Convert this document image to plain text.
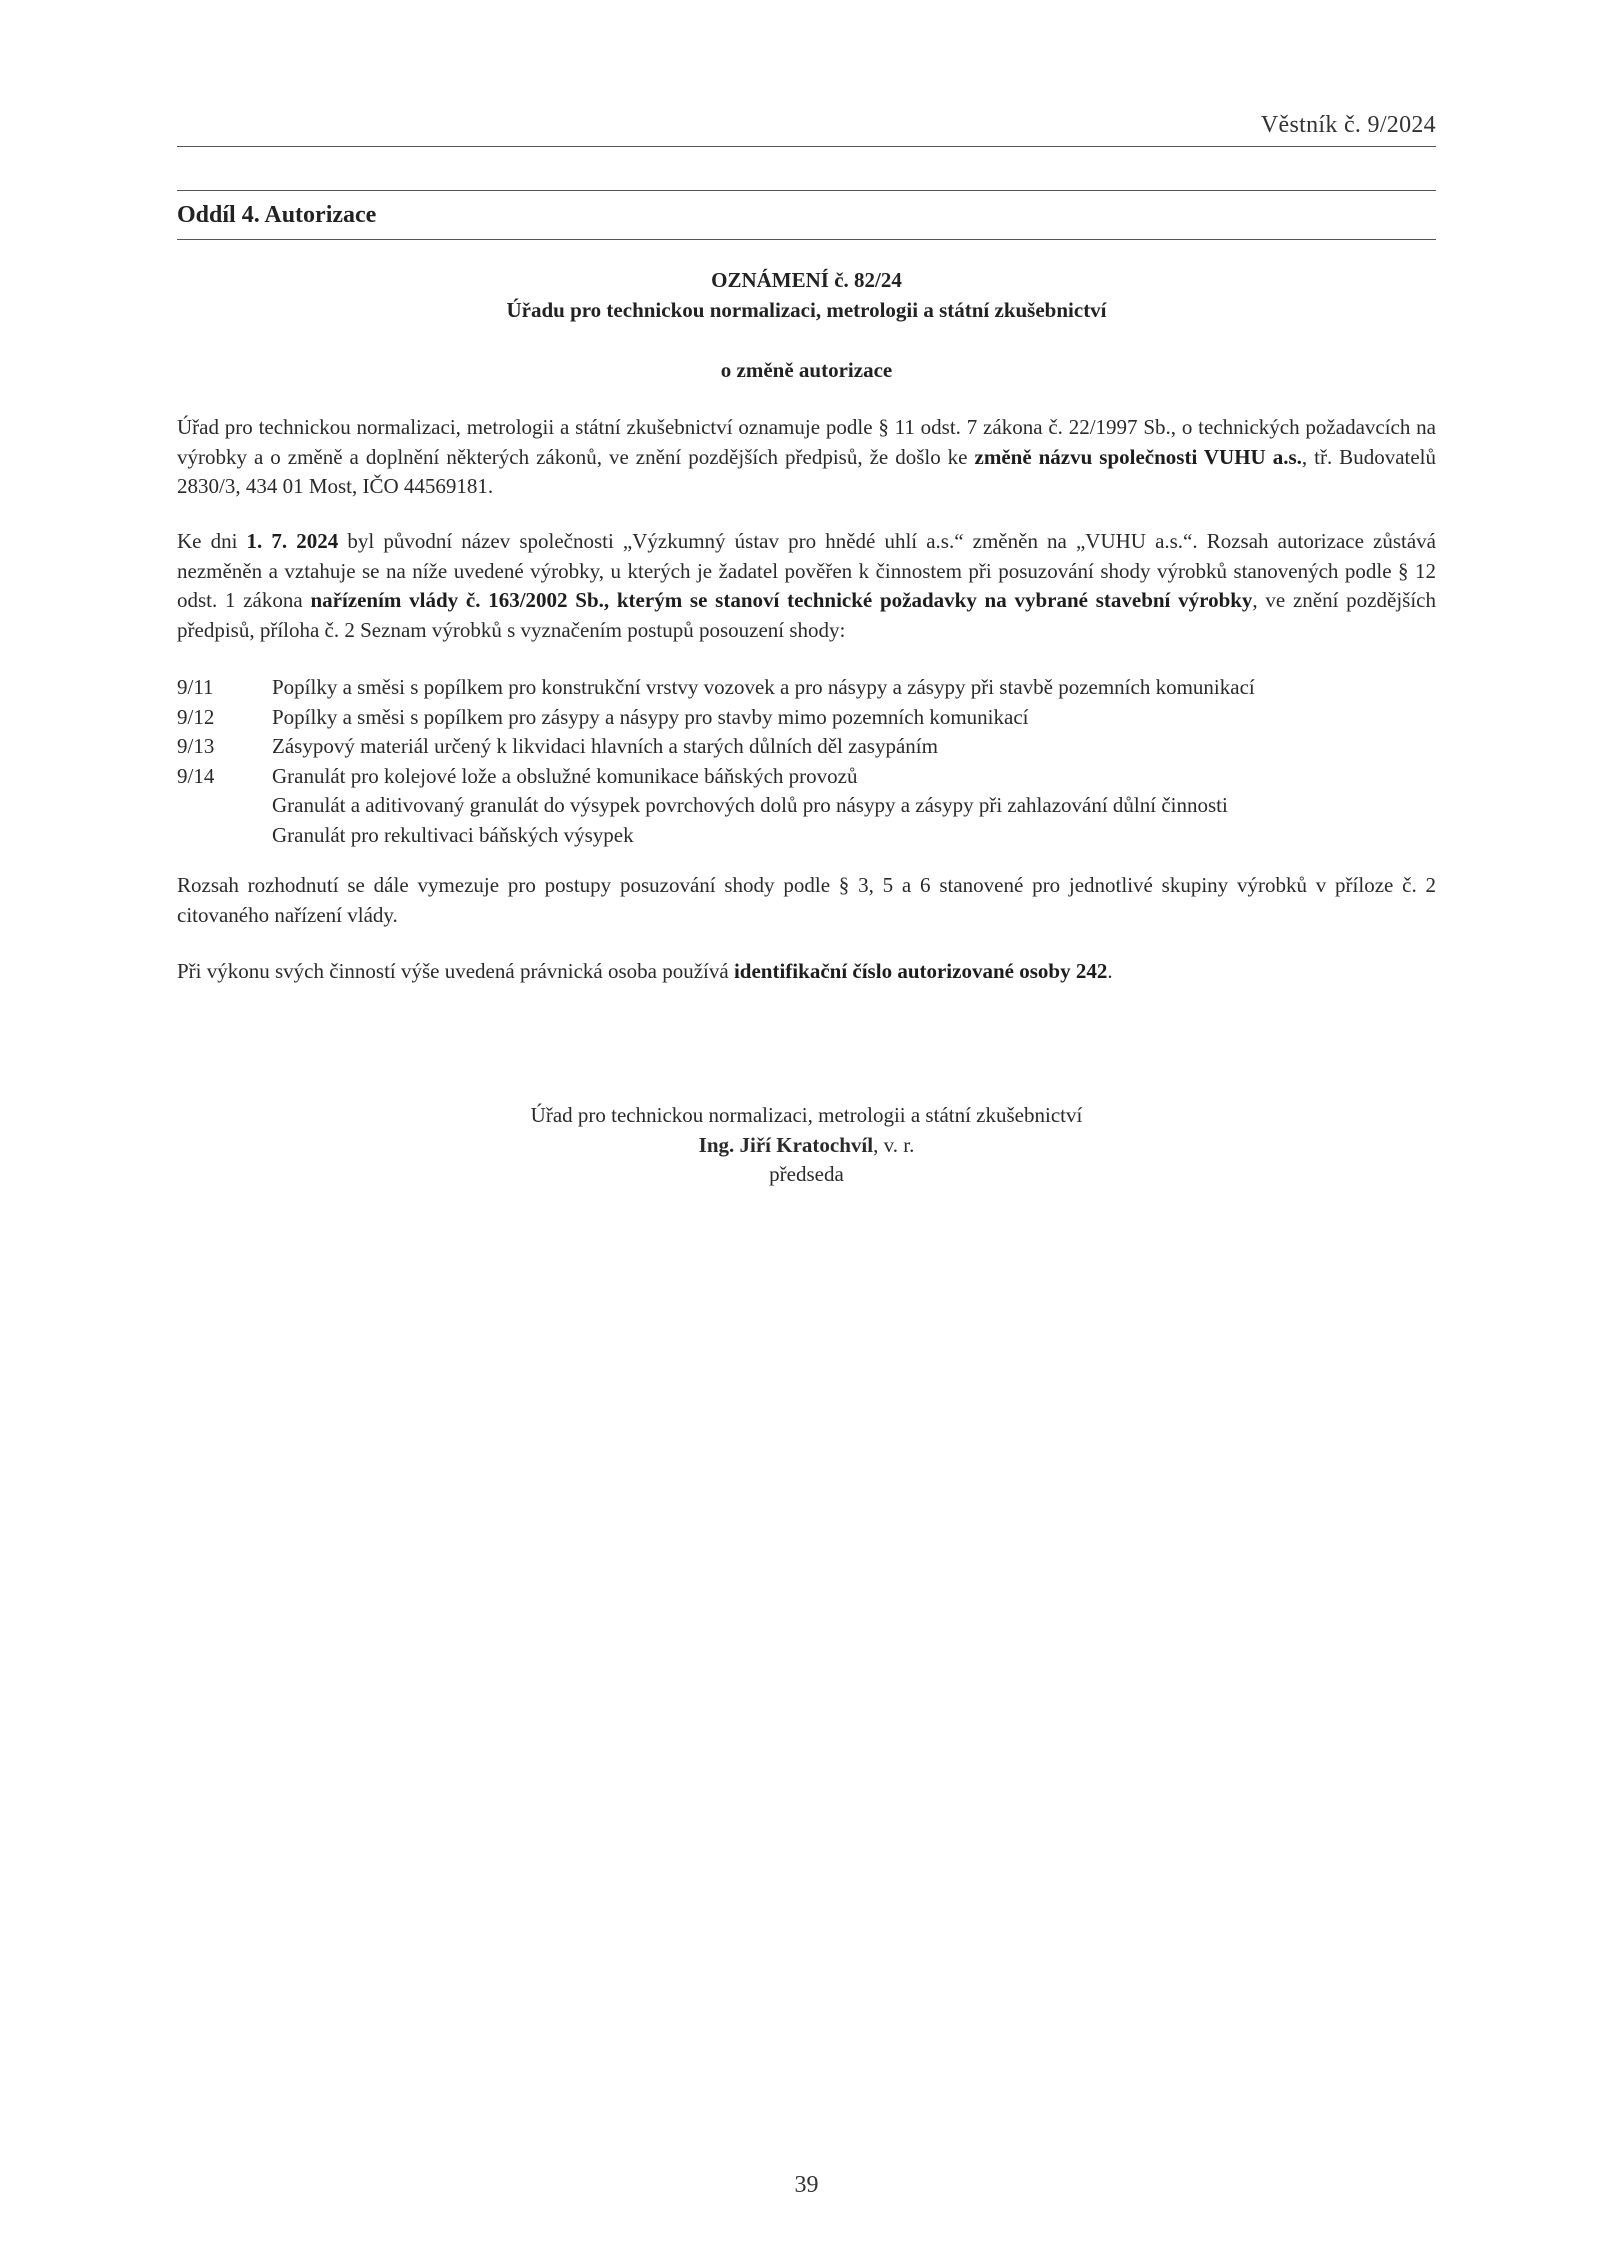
Věstník č. 9/2024
Oddíl 4. Autorizace
OZNÁMENÍ č. 82/24
Úřadu pro technickou normalizaci, metrologii a státní zkušebnictví
o změně autorizace
Úřad pro technickou normalizaci, metrologii a státní zkušebnictví oznamuje podle § 11 odst. 7 zákona č. 22/1997 Sb., o technických požadavcích na výrobky a o změně a doplnění některých zákonů, ve znění pozdějších předpisů, že došlo ke změně názvu společnosti VUHU a.s., tř. Budovatelů 2830/3, 434 01 Most, IČO 44569181.
Ke dni 1. 7. 2024 byl původní název společnosti „Výzkumný ústav pro hnědé uhlí a.s.“ změněn na „VUHU a.s.“. Rozsah autorizace zůstává nezměněn a vztahuje se na níže uvedené výrobky, u kterých je žadatel pověřen k činnostem při posuzování shody výrobků stanovených podle § 12 odst. 1 zákona nařízením vlády č. 163/2002 Sb., kterým se stanoví technické požadavky na vybrané stavební výrobky, ve znění pozdějších předpisů, příloha č. 2 Seznam výrobků s vyznačením postupů posouzení shody:
9/11	Popílky a směsi s popílkem pro konstrukční vrstvy vozovek a pro násypy a zásypy při stavbě pozemních komunikací
9/12	Popílky a směsi s popílkem pro zásypy a násypy pro stavby mimo pozemních komunikací
9/13	Zásypový materiál určený k likvidaci hlavních a starých důlních děl zasypáním
9/14	Granulát pro kolejové lože a obslužné komunikace báňských provozů
Granulát a aditivovaný granulát do výsypek povrchových dolů pro násypy a zásypy při zahlazování důlní činnosti
Granulát pro rekultivaci báňských výsypek
Rozsah rozhodnutí se dále vymezuje pro postupy posuzování shody podle § 3, 5 a 6 stanovené pro jednotlivé skupiny výrobků v příloze č. 2 citovaného nařízení vlády.
Při výkonu svých činností výše uvedená právnická osoba používá identifikační číslo autorizované osoby 242.
Úřad pro technickou normalizaci, metrologii a státní zkušebnictví
Ing. Jiří Kratochvíl, v. r.
předseda
39
